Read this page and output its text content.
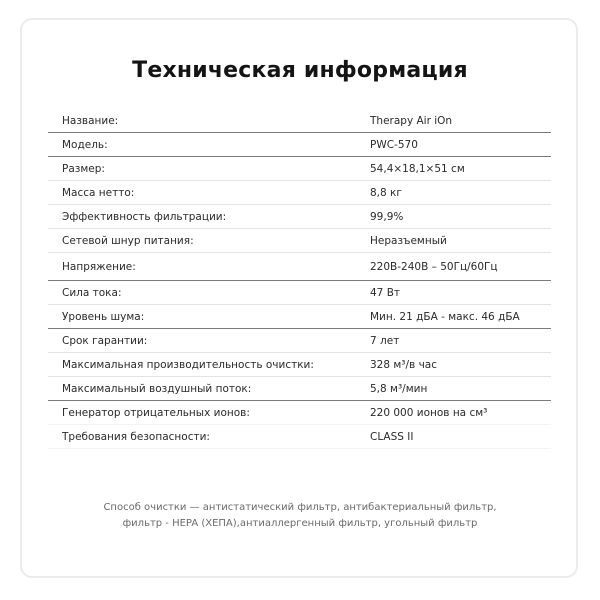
Техническая информация
Название:	Therapy Air iOn
Модель:	PWC-570
Размер:	54,4×18,1×51 см
Масса нетто:	8,8 кг
Эффективность фильтрации:	99,9%
Сетевой шнур питания:	Неразъемный
Напряжение:	220В-240В – 50Гц/60Гц
Сила тока:	47 Вт
Уровень шума:	Мин. 21 дБА - макс. 46 дБА
Срок гарантии:	7 лет
Максимальная производительность очистки:	328 м³/в час
Максимальный воздушный поток:	5,8 м³/мин
Генератор отрицательных ионов:	220 000 ионов на см³
Требования безопасности:	CLASS II
Способ очистки — антистатический фильтр, антибактериальный фильтр,
фильтр - HEPA (ХЕПА),антиаллергенный фильтр, угольный фильтр
